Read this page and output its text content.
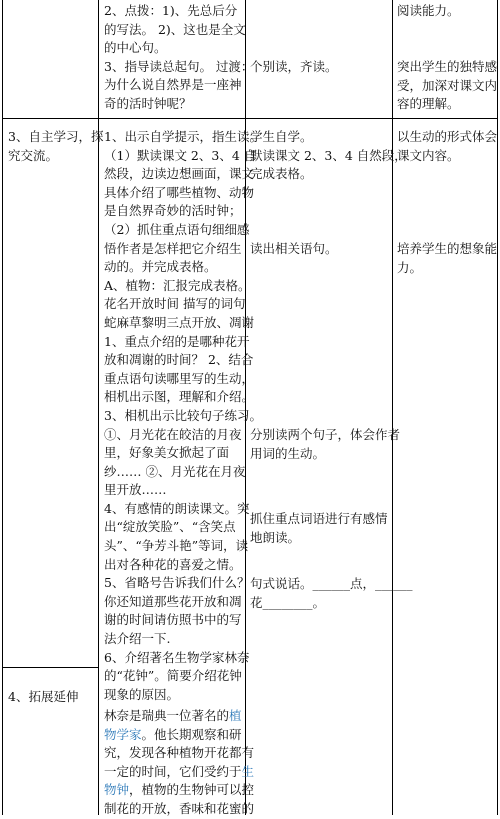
2、点拨：1)、先总后分
的写法。 2)、这也是全文
的中心句。
3、指导读总起句。 过渡：
为什么说自然界是一座神
奇的活时钟呢？
个别读，齐读。
阅读能力。
突出学生的独特感
受，加深对课文内
容的理解。
3、自主学习，探
究交流。
1、出示自学提示，指生读。
（1）默读课文 2、3、4 自
然段，边读边想画面，课文
具体介绍了哪些植物、动物
是自然界奇妙的活时钟；
（2）抓住重点语句细细感
悟作者是怎样把它介绍生
动的。并完成表格。
A、植物：汇报完成表格。
花名开放时间 描写的词句
蛇麻草黎明三点开放、凋谢
1、重点介绍的是哪种花开
放和凋谢的时间？ 2、结合
重点语句读哪里写的生动，
相机出示图，理解和介绍。
3、相机出示比较句子练习。
①、月光花在皎洁的月夜
里，好象美女掀起了面
纱…… ②、月光花在月夜
里开放……
4、有感情的朗读课文。突
出“绽放笑脸”、“含笑点
头”、“争芳斗艳”等词，读
出对各种花的喜爱之情。
5、省略号告诉我们什么？
你还知道那些花开放和凋
谢的时间请仿照书中的写
法介绍一下.
6、介绍著名生物学家林奈
的“花钟”。简要介绍花钟
现象的原因。
学生自学。
默读课文 2、3、4 自然段，
完成表格。
读出相关语句。
分别读两个句子，体会作者
用词的生动。
抓住重点词语进行有感情
地朗读。
句式说话。______点，______
花________。
以生动的形式体会
课文内容。
培养学生的想象能
力。
4、拓展延伸
林奈是瑞典一位著名的植
物学家。他长期观察和研
究，发现各种植物开花都有
一定的时间，它们受约于生
物钟，植物的生物钟可以控
制花的开放，香味和花蜜的
